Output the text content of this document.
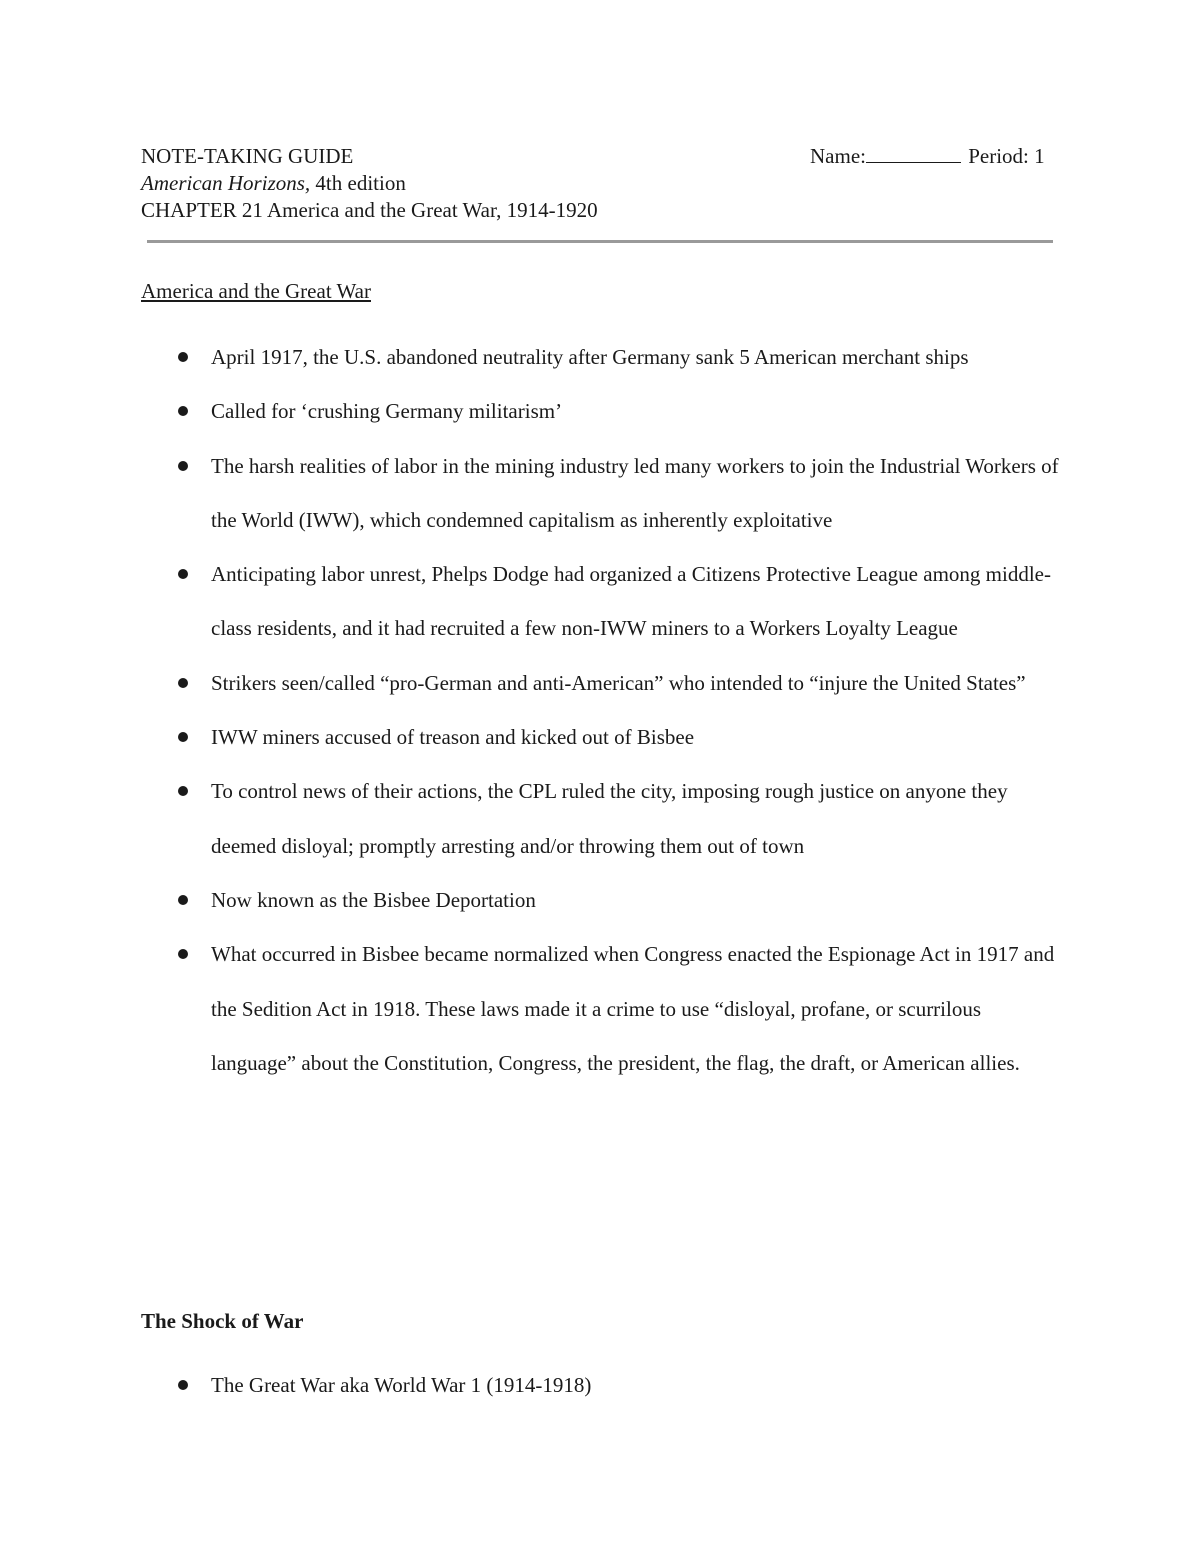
NOTE-TAKING GUIDE
American Horizons, 4th edition
CHAPTER 21 America and the Great War, 1914-1920
Name:	Period: 1
America and the Great War
April 1917, the U.S. abandoned neutrality after Germany sank 5 American merchant ships
Called for ‘crushing Germany militarism’
The harsh realities of labor in the mining industry led many workers to join the Industrial Workers of the World (IWW), which condemned capitalism as inherently exploitative
Anticipating labor unrest, Phelps Dodge had organized a Citizens Protective League among middle-class residents, and it had recruited a few non-IWW miners to a Workers Loyalty League
Strikers seen/called “pro-German and anti-American” who intended to “injure the United States”
IWW miners accused of treason and kicked out of Bisbee
To control news of their actions, the CPL ruled the city, imposing rough justice on anyone they deemed disloyal; promptly arresting and/or throwing them out of town
Now known as the Bisbee Deportation
What occurred in Bisbee became normalized when Congress enacted the Espionage Act in 1917 and the Sedition Act in 1918. These laws made it a crime to use “disloyal, profane, or scurrilous language” about the Constitution, Congress, the president, the flag, the draft, or American allies.
The Shock of War
The Great War aka World War 1 (1914-1918)
